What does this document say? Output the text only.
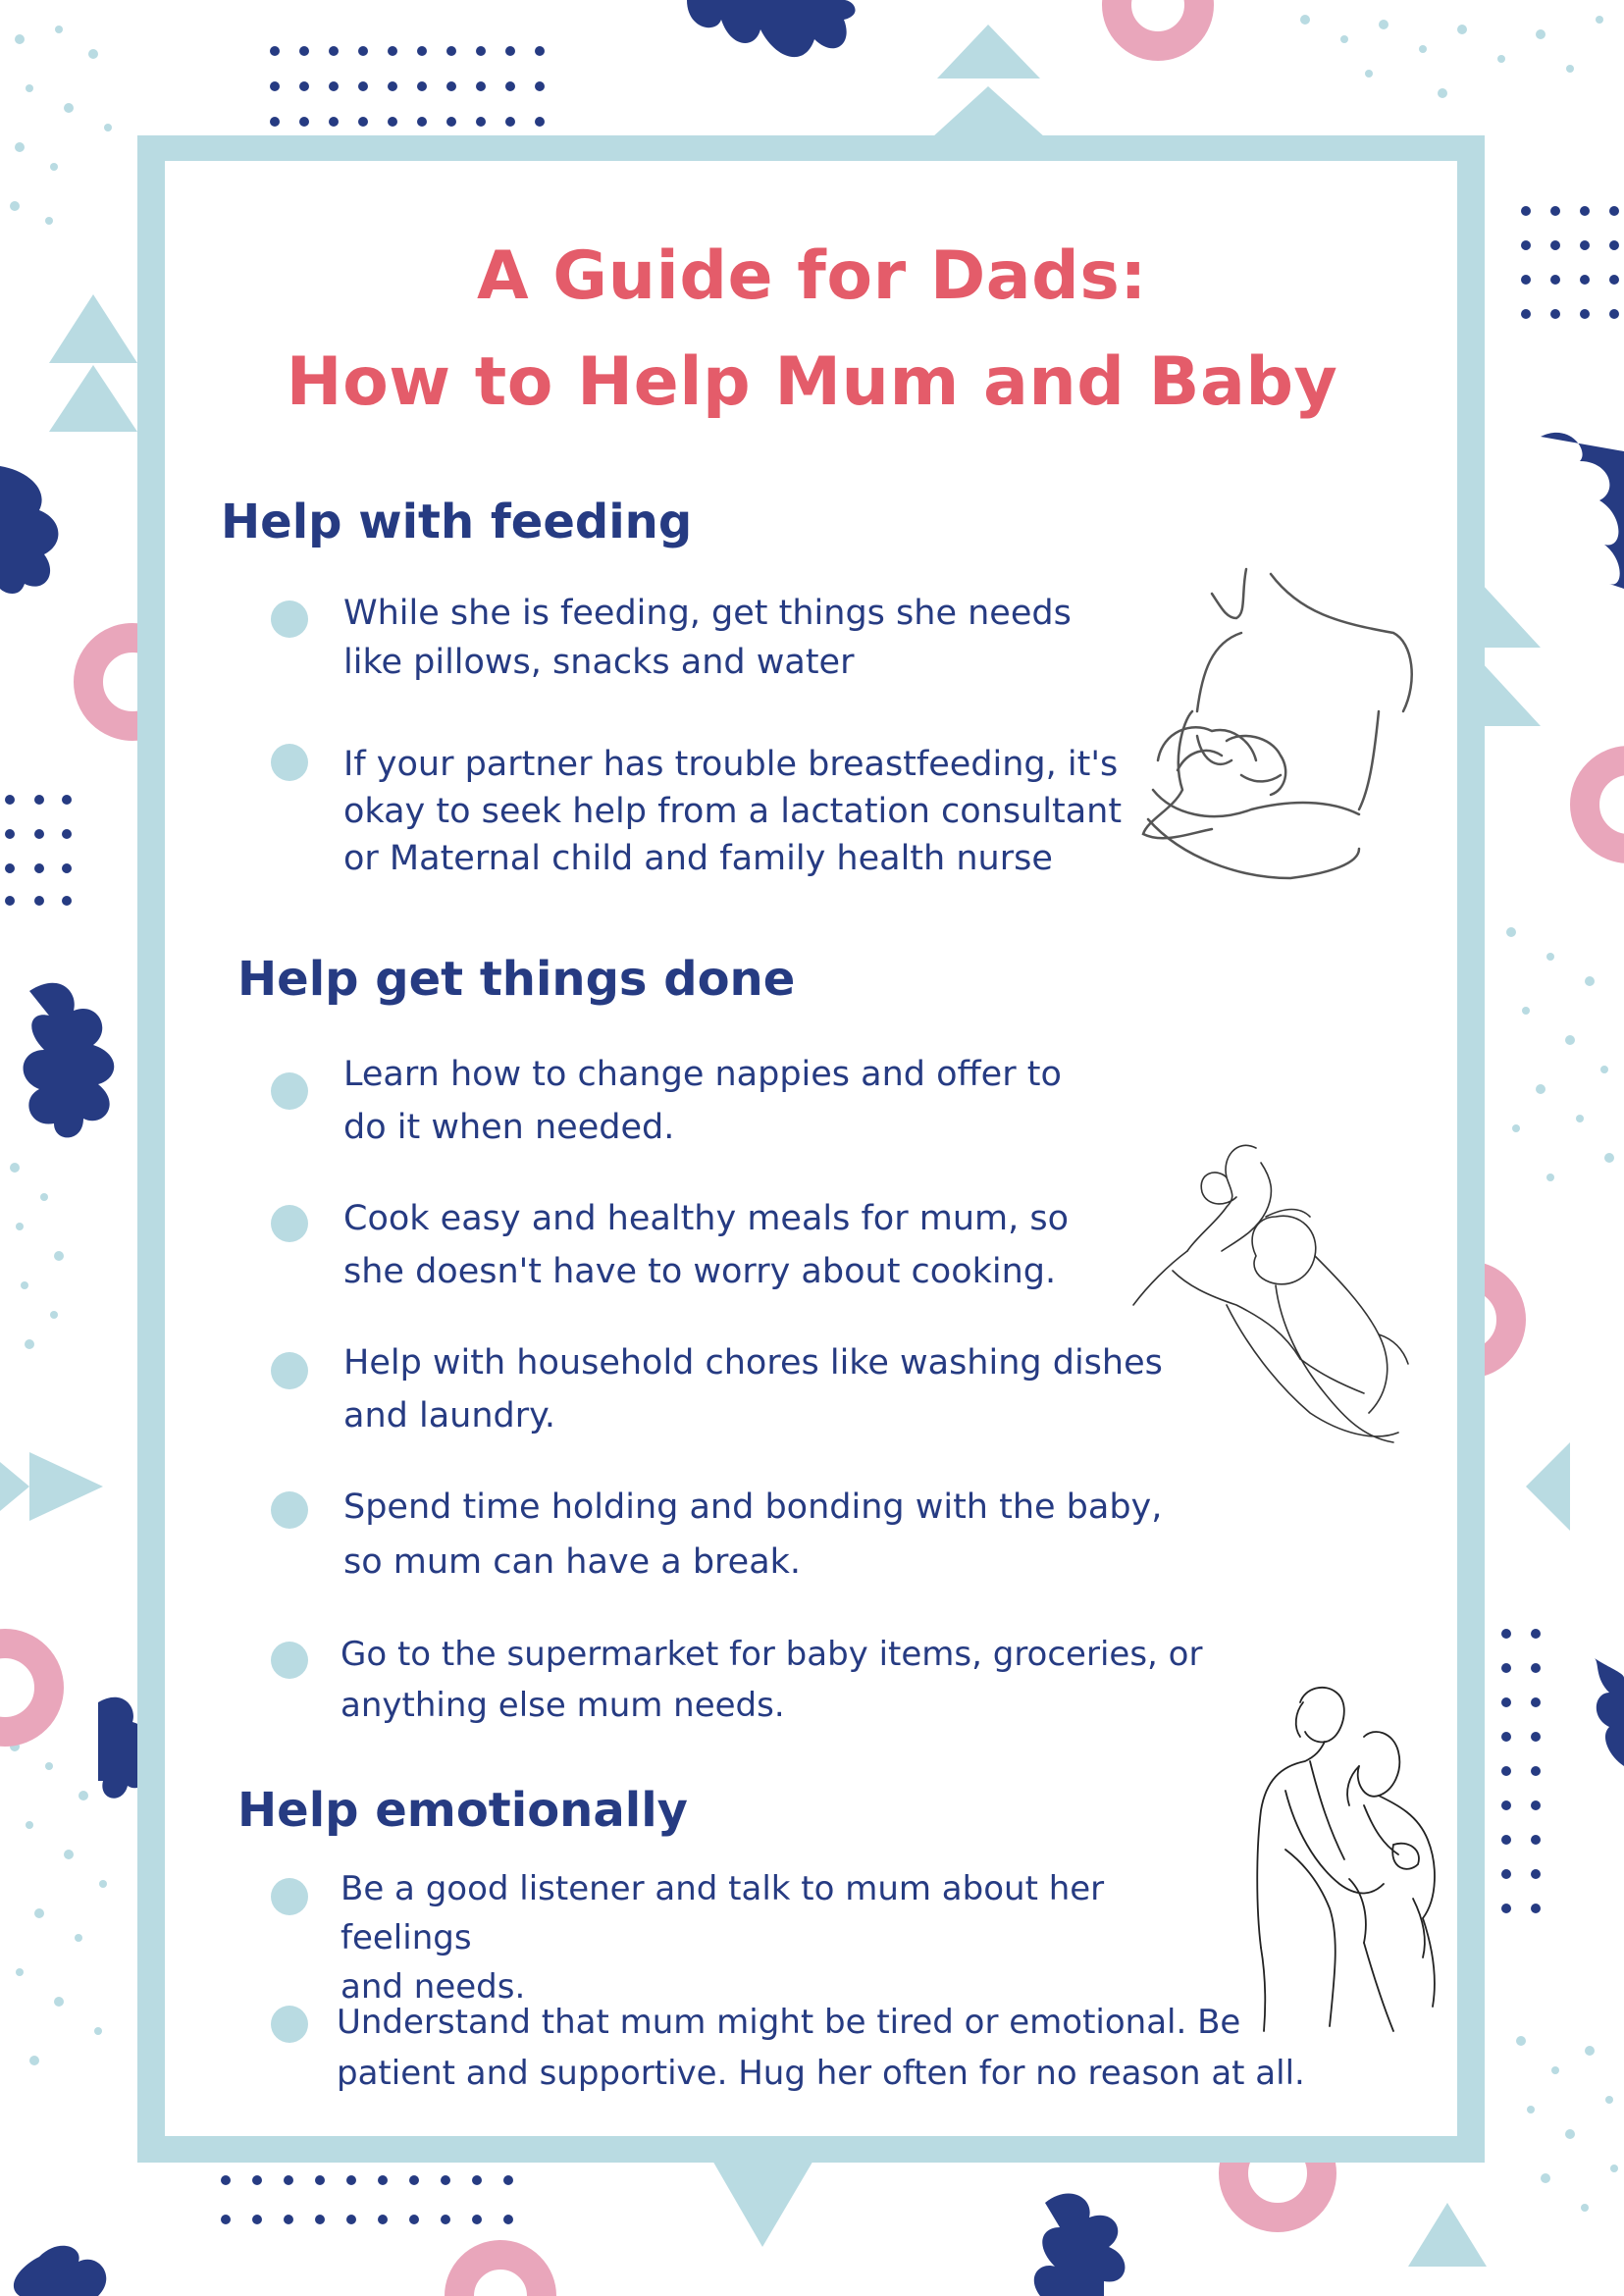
A Guide for Dads:
How to Help Mum and Baby
Help with feeding
While she is feeding, get things she needs
like pillows, snacks and water
If your partner has trouble breastfeeding, it's
okay to seek help from a lactation consultant
or Maternal child and family health nurse
Help get things done
Learn how to change nappies and offer to
do it when needed.
Cook easy and healthy meals for mum, so
she doesn't have to worry about cooking.
Help with household chores like washing dishes
and laundry.
Spend time holding and bonding with the baby,
so mum can have a break.
Go to the supermarket for baby items, groceries, or
anything else mum needs.
Help emotionally
Be a good listener and talk to mum about her feelings
and needs.
Understand that mum might be tired or emotional. Be
patient and supportive. Hug her often for no reason at all.
